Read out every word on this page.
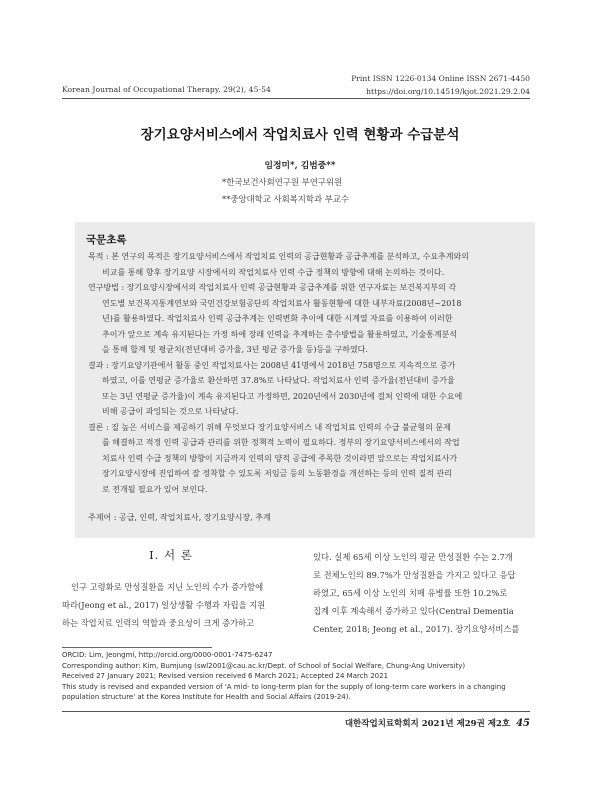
Korean Journal of Occupational Therapy, 29(2), 45-54
Print ISSN 1226-0134 Online ISSN 2671-4450
https://doi.org/10.14519/kjot.2021.29.2.04
장기요양서비스에서 작업치료사 인력 현황과 수급분석
임정미*, 김범중**
*한국보건사회연구원 부연구위원
**중앙대학교 사회복지학과 부교수
국문초록
목적 : 본 연구의 목적은 장기요양서비스에서 작업치료 인력의 공급현황과 공급추계를 분석하고, 수요추계와의
비교를 통해 향후 장기요양 시장에서의 작업치료사 인력 수급 정책의 방향에 대해 논의하는 것이다.
연구방법 : 장기요양시장에서의 작업치료사 인력 공급현황과 공급추계를 위한 연구자료는 보건복지부의 각
연도별 보건복지통계연보와 국민건강보험공단의 작업치료사 활동현황에 대한 내부자료(2008년~2018
년)를 활용하였다. 작업치료사 인력 공급추계는 인력변화 추이에 대한 시계열 자료를 이용하여 이러한
추이가 앞으로 계속 유지된다는 가정 하에 장래 인력을 추계하는 총수방법을 활용하였고, 기술통계분석
을 통해 합계 및 평균치(전년대비 증가율, 3년 평균 증가율 등)등을 구하였다.
결과 : 장기요양기관에서 활동 중인 작업치료사는 2008년 41명에서 2018년 758명으로 지속적으로 증가
하였고, 이를 연평균 증가율로 환산하면 37.8%로 나타났다. 작업치료사 인력 증가율(전년대비 증가율
또는 3년 연평균 증가율)이 계속 유지된다고 가정하면, 2020년에서 2030년에 걸쳐 인력에 대한 수요에
비해 공급이 과잉되는 것으로 나타났다.
결론 : 질 높은 서비스를 제공하기 위해 무엇보다 장기요양서비스 내 작업치료 인력의 수급 불균형의 문제
를 해결하고 적정 인력 공급과 관리를 위한 정책적 노력이 필요하다. 정부의 장기요양서비스에서의 작업
치료사 인력 수급 정책의 방향이 지금까지 인력의 양적 공급에 주목한 것이라면 앞으로는 작업치료사가
장기요양시장에 진입하여 잘 정착할 수 있도록 저임금 등의 노동환경을 개선하는 등의 인력 질적 관리
로 전개될 필요가 있어 보인다.
주제어 : 공급, 인력, 작업치료사, 장기요양시장, 추계
Ⅰ. 서 론
인구 고령화로 만성질환을 지닌 노인의 수가 증가함에
따라(Jeong et al., 2017) 일상생활 수행과 자립을 지원
하는 작업치료 인력의 역할과 중요성이 크게 증가하고
있다. 실제 65세 이상 노인의 평균 만성질환 수는 2.7개
로 전체노인의 89.7%가 만성질환을 가지고 있다고 응답
하였고, 65세 이상 노인의 치매 유병률 또한 10.2%로
집계 이후 계속해서 증가하고 있다(Central Dementia
Center, 2018; Jeong et al., 2017). 장기요양서비스를
ORCID: Lim, Jeongmi, http://orcid.org/0000-0001-7475-6247
Corresponding author: Kim, Bumjung (swl2001@cau.ac.kr/Dept. of School of Social Welfare, Chung-Ang University)
Received 27 January 2021; Revised version received 6 March 2021; Accepted 24 March 2021
This study is revised and expanded version of 'A mid- to long-term plan for the supply of long-term care workers in a changing
population structure' at the Korea Institute for Health and Social Affairs (2019-24).
대한작업치료학회지 2021년 제29권 제2호 45
